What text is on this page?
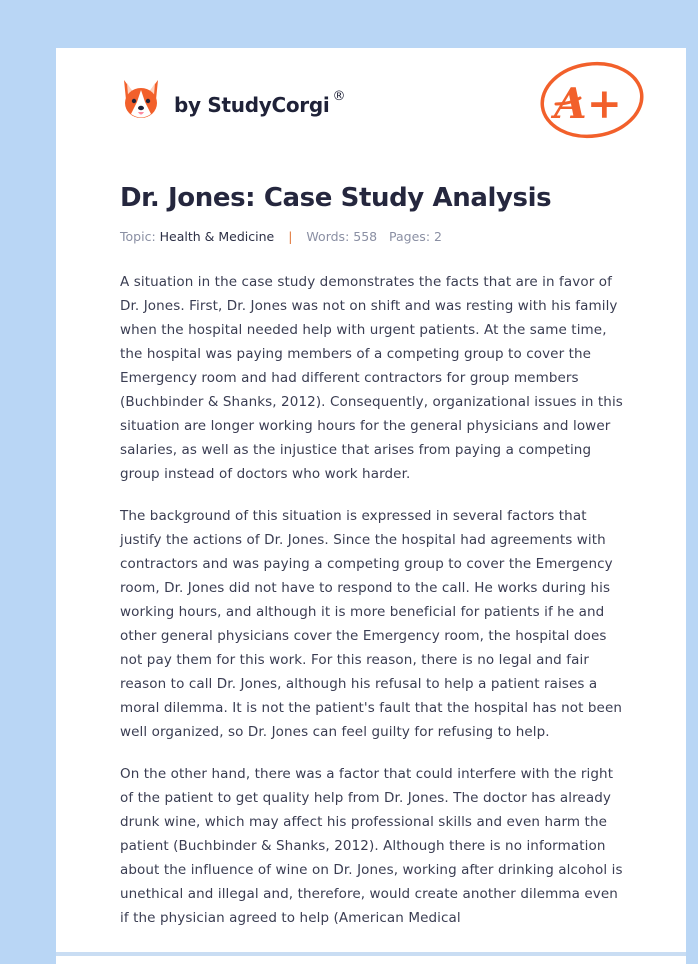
by StudyCorgi ®	A+
Dr. Jones: Case Study Analysis
Topic: Health & Medicine | Words: 558 Pages: 2

A situation in the case study demonstrates the facts that are in favor of Dr. Jones. First, Dr. Jones was not on shift and was resting with his family when the hospital needed help with urgent patients. At the same time, the hospital was paying members of a competing group to cover the Emergency room and had different contractors for group members (Buchbinder & Shanks, 2012). Consequently, organizational issues in this situation are longer working hours for the general physicians and lower salaries, as well as the injustice that arises from paying a competing group instead of doctors who work harder.

The background of this situation is expressed in several factors that justify the actions of Dr. Jones. Since the hospital had agreements with contractors and was paying a competing group to cover the Emergency room, Dr. Jones did not have to respond to the call. He works during his working hours, and although it is more beneficial for patients if he and other general physicians cover the Emergency room, the hospital does not pay them for this work. For this reason, there is no legal and fair reason to call Dr. Jones, although his refusal to help a patient raises a moral dilemma. It is not the patient's fault that the hospital has not been well organized, so Dr. Jones can feel guilty for refusing to help.

On the other hand, there was a factor that could interfere with the right of the patient to get quality help from Dr. Jones. The doctor has already drunk wine, which may affect his professional skills and even harm the patient (Buchbinder & Shanks, 2012). Although there is no information about the influence of wine on Dr. Jones, working after drinking alcohol is unethical and illegal and, therefore, would create another dilemma even if the physician agreed to help (American Medical
